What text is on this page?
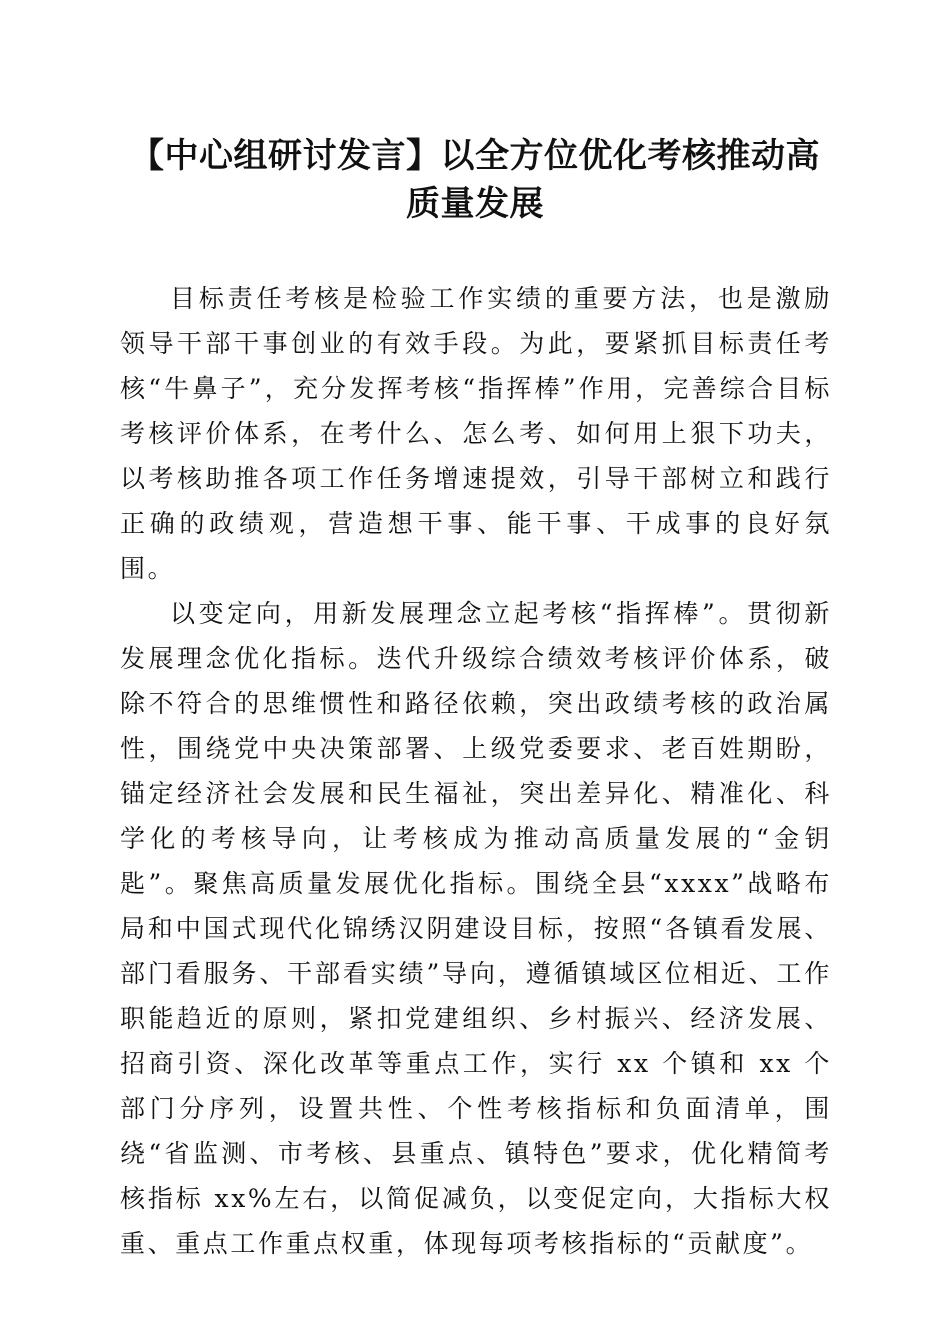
【中心组研讨发言】以全方位优化考核推动高
质量发展

目标责任考核是检验工作实绩的重要方法，也是激励领导干部干事创业的有效手段。为此，要紧抓目标责任考核“牛鼻子”，充分发挥考核“指挥棒”作用，完善综合目标考核评价体系，在考什么、怎么考、如何用上狠下功夫，以考核助推各项工作任务增速提效，引导干部树立和践行正确的政绩观，营造想干事、能干事、干成事的良好氛围。

以变定向，用新发展理念立起考核“指挥棒”。贯彻新发展理念优化指标。迭代升级综合绩效考核评价体系，破除不符合的思维惯性和路径依赖，突出政绩考核的政治属性，围绕党中央决策部署、上级党委要求、老百姓期盼，锚定经济社会发展和民生福祉，突出差异化、精准化、科学化的考核导向，让考核成为推动高质量发展的“金钥匙”。聚焦高质量发展优化指标。围绕全县“xxxx”战略布局和中国式现代化锦绣汉阴建设目标，按照“各镇看发展、部门看服务、干部看实绩”导向，遵循镇域区位相近、工作职能趋近的原则，紧扣党建组织、乡村振兴、经济发展、招商引资、深化改革等重点工作，实行 xx 个镇和 xx 个部门分序列，设置共性、个性考核指标和负面清单，围绕“省监测、市考核、县重点、镇特色”要求，优化精简考核指标 xx%左右，以简促减负，以变促定向，大指标大权重、重点工作重点权重，体现每项考核指标的“贡献度”。
